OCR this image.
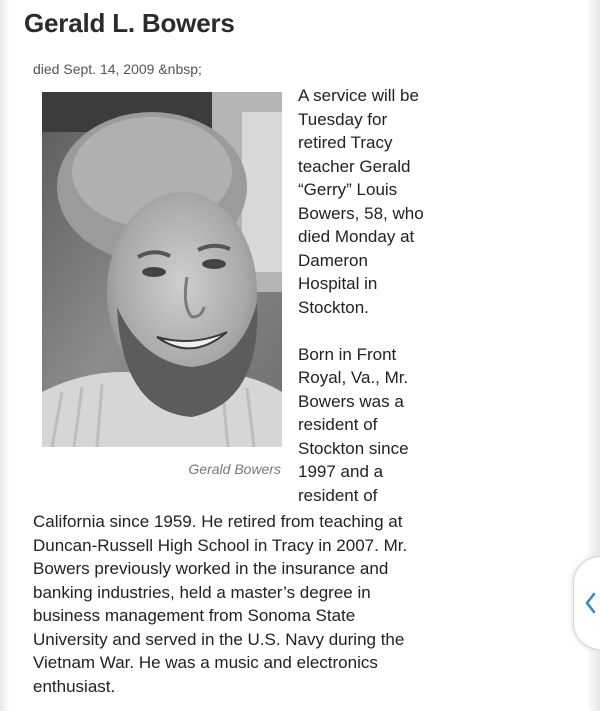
Gerald L. Bowers
died Sept. 14, 2009 &nbsp;
Gerald Bowers
A service will be
Tuesday for
retired Tracy
teacher Gerald
“Gerry” Louis
Bowers, 58, who
died Monday at
Dameron
Hospital in
Stockton.
Born in Front
Royal, Va., Mr.
Bowers was a
resident of
Stockton since
1997 and a
resident of
California since 1959. He retired from teaching at
Duncan-Russell High School in Tracy in 2007. Mr.
Bowers previously worked in the insurance and
banking industries, held a master’s degree in
business management from Sonoma State
University and served in the U.S. Navy during the
Vietnam War. He was a music and electronics
enthusiast.
